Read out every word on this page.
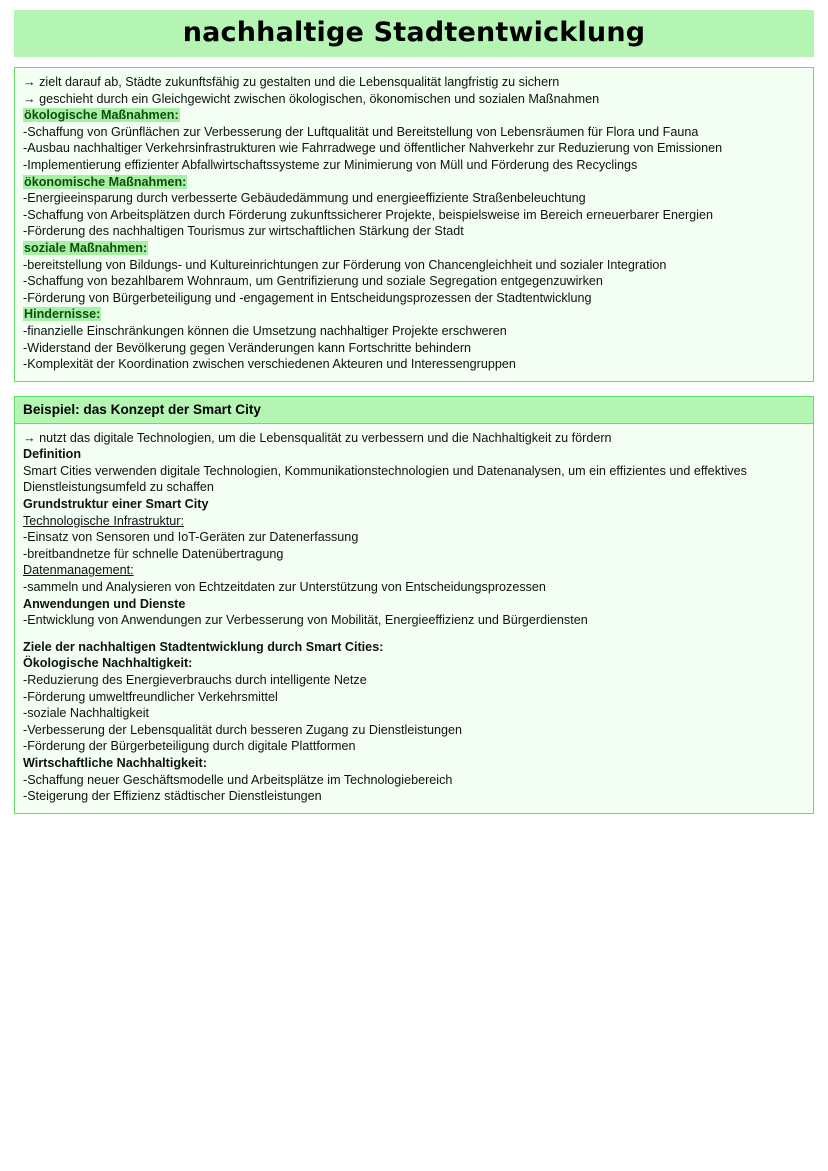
nachhaltige Stadtentwicklung
→ zielt darauf ab, Städte zukunftsfähig zu gestalten und die Lebensqualität langfristig zu sichern
→ geschieht durch ein Gleichgewicht zwischen ökologischen, ökonomischen und sozialen Maßnahmen
ökologische Maßnahmen:
-Schaffung von Grünflächen zur Verbesserung der Luftqualität und Bereitstellung von Lebensräumen für Flora und Fauna
-Ausbau nachhaltiger Verkehrsinfrastrukturen wie Fahrradwege und öffentlicher Nahverkehr zur Reduzierung von Emissionen
-Implementierung effizienter Abfallwirtschaftssysteme zur Minimierung von Müll und Förderung des Recyclings
ökonomische Maßnahmen:
-Energieeinsparung durch verbesserte Gebäudedämmung und energieeffiziente Straßenbeleuchtung
-Schaffung von Arbeitsplätzen durch Förderung zukunftssicherer Projekte, beispielsweise im Bereich erneuerbarer Energien
-Förderung des nachhaltigen Tourismus zur wirtschaftlichen Stärkung der Stadt
soziale Maßnahmen:
-bereitstellung von Bildungs- und Kultureinrichtungen zur Förderung von Chancengleichheit und sozialer Integration
-Schaffung von bezahlbarem Wohnraum, um Gentrifizierung und soziale Segregation entgegenzuwirken
-Förderung von Bürgerbeteiligung und -engagement in Entscheidungsprozessen der Stadtentwicklung
Hindernisse:
-finanzielle Einschränkungen können die Umsetzung nachhaltiger Projekte erschweren
-Widerstand der Bevölkerung gegen Veränderungen kann Fortschritte behindern
-Komplexität der Koordination zwischen verschiedenen Akteuren und Interessengruppen
Beispiel: das Konzept der Smart City
→ nutzt das digitale Technologien, um die Lebensqualität zu verbessern und die Nachhaltigkeit zu fördern
Definition
Smart Cities verwenden digitale Technologien, Kommunikationstechnologien und Datenanalysen, um ein effizientes und effektives Dienstleistungsumfeld zu schaffen
Grundstruktur einer Smart City
Technologische Infrastruktur:
-Einsatz von Sensoren und IoT-Geräten zur Datenerfassung
-breitbandnetze für schnelle Datenübertragung
Datenmanagement:
-sammeln und Analysieren von Echtzeitdaten zur Unterstützung von Entscheidungsprozessen
Anwendungen und Dienste
-Entwicklung von Anwendungen zur Verbesserung von Mobilität, Energieeffizienz und Bürgerdiensten
Ziele der nachhaltigen Stadtentwicklung durch Smart Cities:
Ökologische Nachhaltigkeit:
-Reduzierung des Energieverbrauchs durch intelligente Netze
-Förderung umweltfreundlicher Verkehrsmittel
-soziale Nachhaltigkeit
-Verbesserung der Lebensqualität durch besseren Zugang zu Dienstleistungen
-Förderung der Bürgerbeteiligung durch digitale Plattformen
Wirtschaftliche Nachhaltigkeit:
-Schaffung neuer Geschäftsmodelle und Arbeitsplätze im Technologiebereich
-Steigerung der Effizienz städtischer Dienstleistungen
